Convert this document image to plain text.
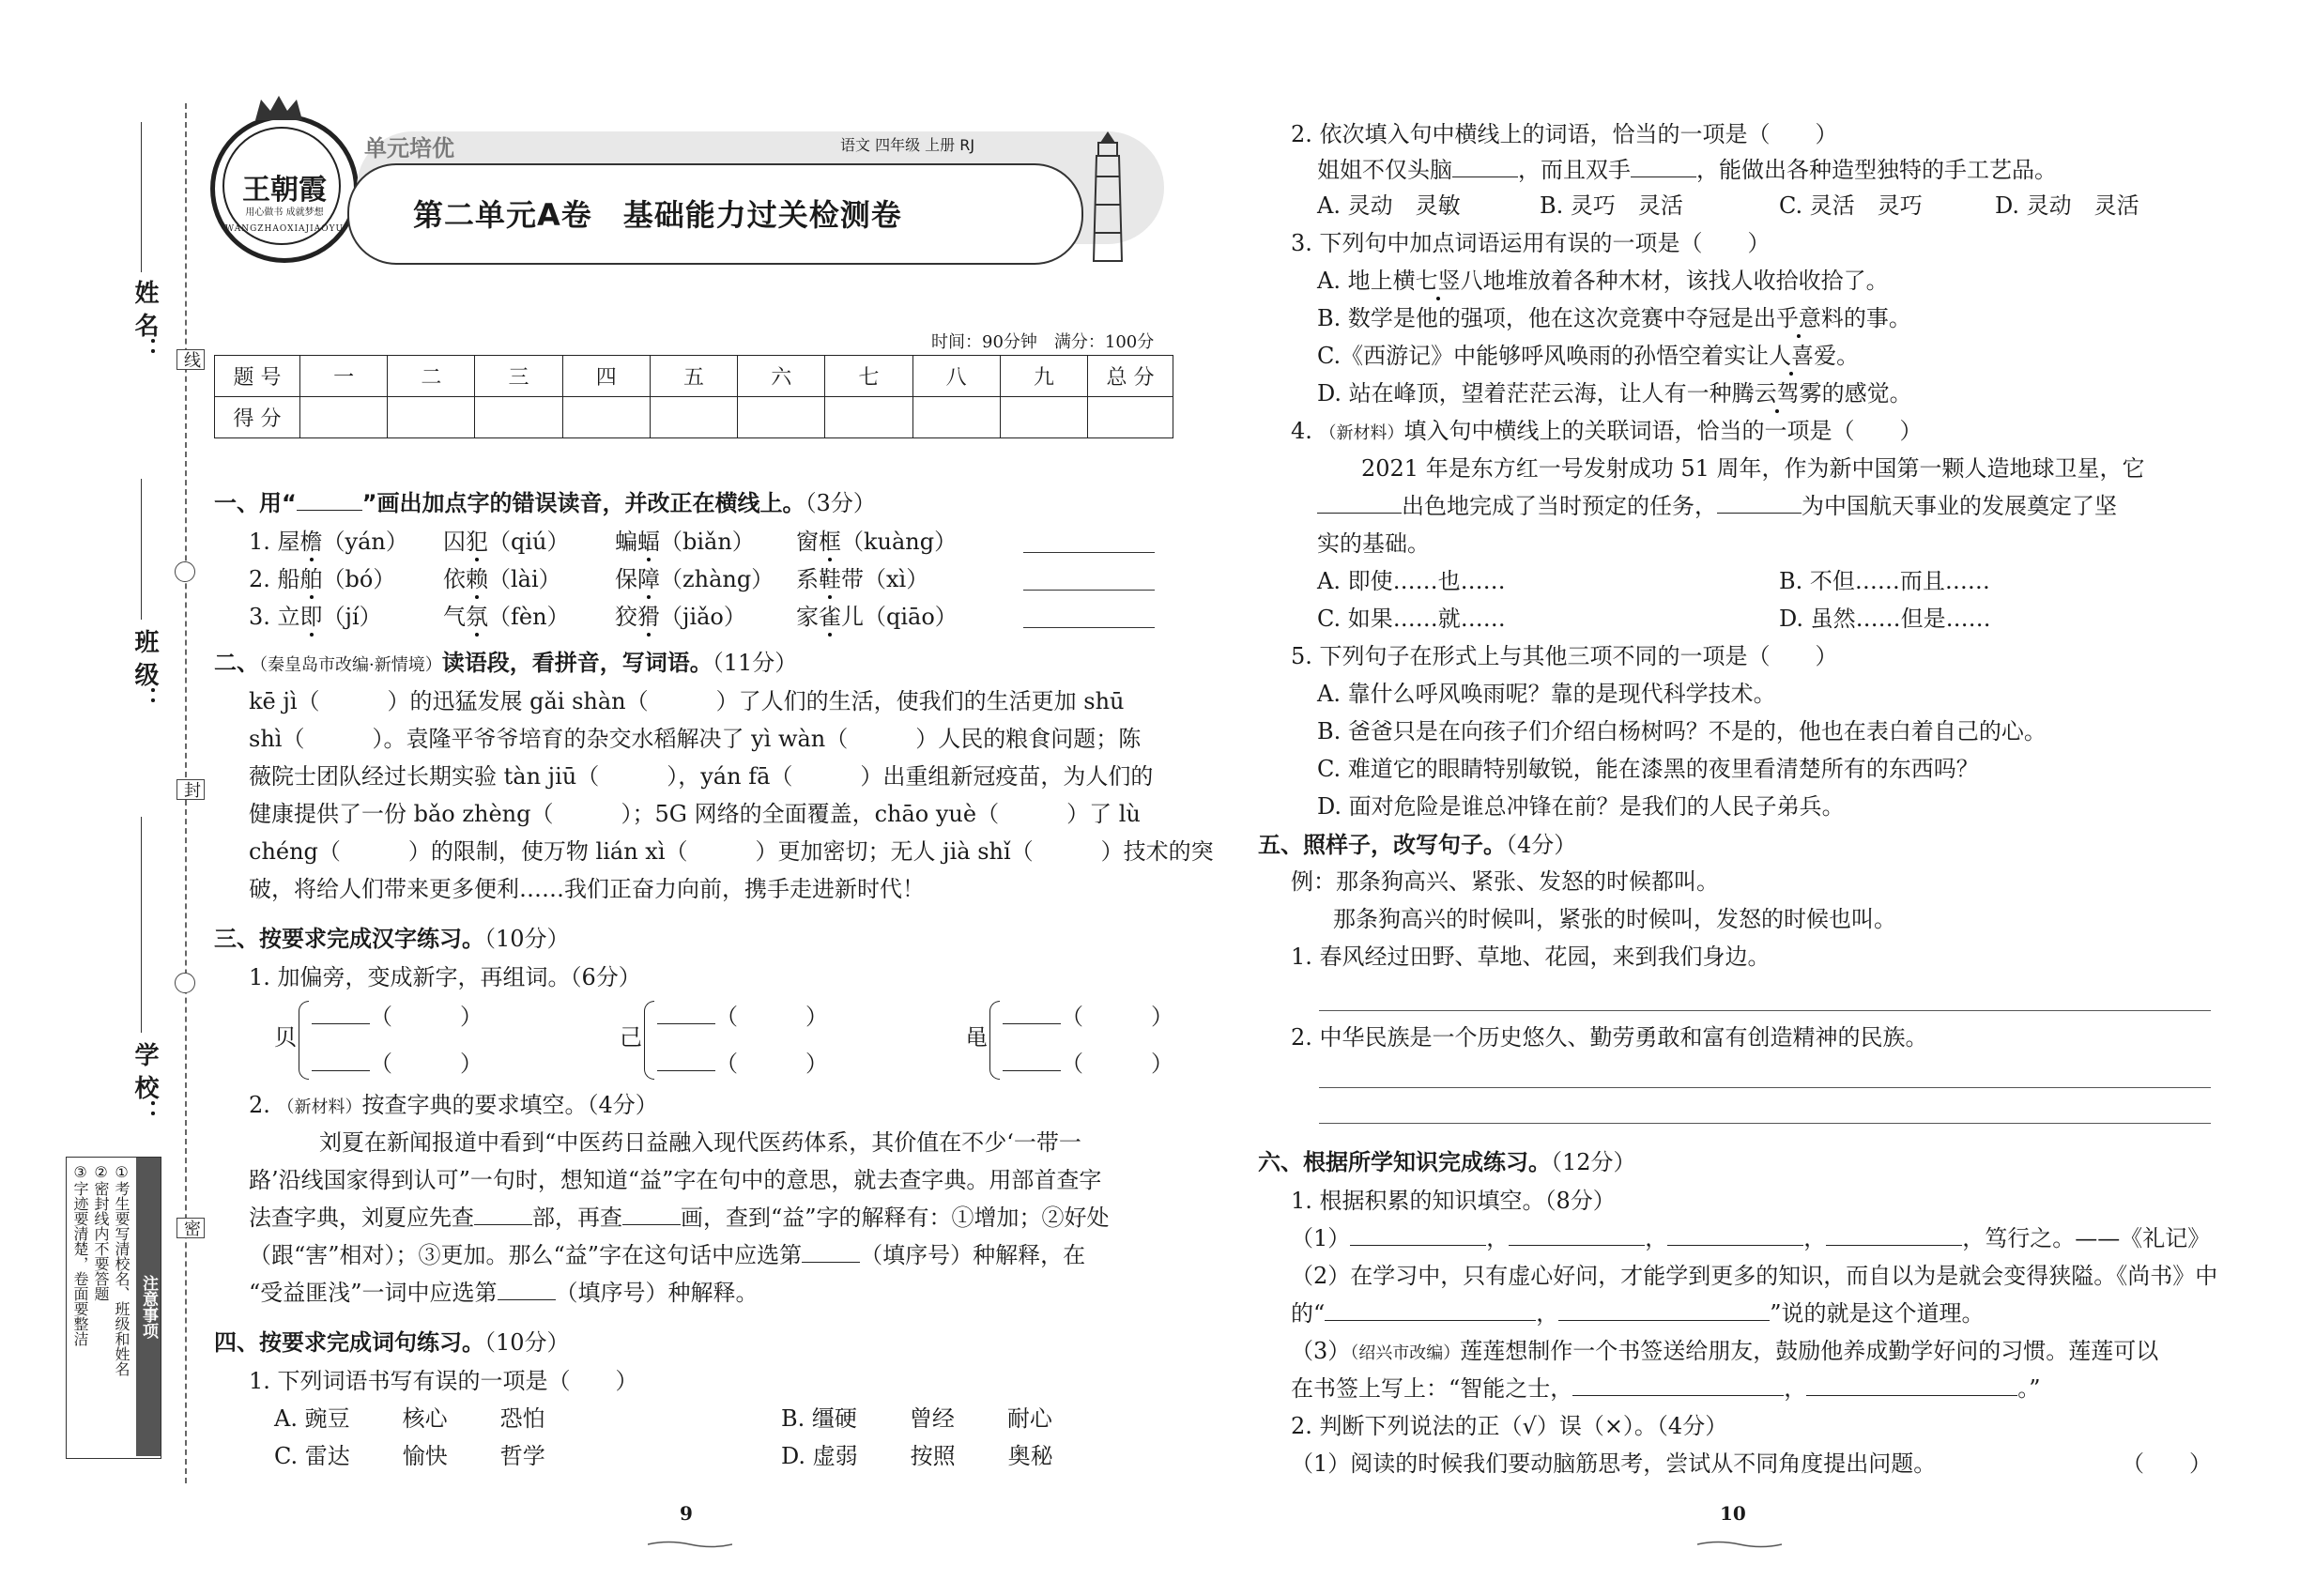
姓 名：
班 级：
学 校：
线
封
密
注意事项
①考生要写清校名、班级和姓名
②密封线内不要答题
③字迹要清楚，卷面要整洁
王朝霞
用心做书 成就梦想
WANGZHAOXIAJIAOYU
单元培优	语文 四年级 上册 RJ
第二单元A卷　基础能力过关检测卷
时间：90分钟　满分：100分
题 号	一	二	三	四	五	六	七	八	九	总 分
得 分										
一、用“	”画出加点字的错误读音，并改正在横线上。（3分）
1. 屋檐（yán） 囚犯（qiú） 蝙蝠（biǎn） 窗框（kuàng）
2. 船舶（bó） 依赖（lài） 保障（zhàng） 系鞋带（xì）
3. 立即（jí）	气氛（fèn） 狡猾（jiǎo） 家雀儿（qiāo）
二、（秦皇岛市改编·新情境）读语段，看拼音，写词语。（11分）
kē jì（　　　）的迅猛发展 gǎi shàn（　　　）了人们的生活，使我们的生活更加 shū
shì（　　　）。袁隆平爷爷培育的杂交水稻解决了 yì wàn（　　　）人民的粮食问题；陈
薇院士团队经过长期实验 tàn jiū（　　　），yán fā（　　　）出重组新冠疫苗，为人们的
健康提供了一份 bǎo zhèng（　　　）；5G 网络的全面覆盖，chāo yuè（　　　）了 lù
chéng（　　　）的限制，使万物 lián xì（　　　）更加密切；无人 jià shǐ（　　　）技术的突
破，将给人们带来更多便利……我们正奋力向前，携手走进新时代！
三、按要求完成汉字练习。（10分）
1. 加偏旁，变成新字，再组词。（6分）
贝
（　　　）
（　　　）
己
（　　　）
（　　　）
黾
（　　　）
（　　　）
2. （新材料）按查字典的要求填空。（4分）
刘夏在新闻报道中看到“中医药日益融入现代医药体系，其价值在不少‘一带一
路’沿线国家得到认可”一句时，想知道“益”字在句中的意思，就去查字典。用部首查字
法查字典，刘夏应先查	部，再查	画，查到“益”字的解释有：①增加；②好处
（跟“害”相对）；③更加。那么“益”字在这句话中应选第	（填序号）种解释，在
“受益匪浅”一词中应选第	（填序号）种解释。
四、按要求完成词句练习。（10分）
1. 下列词语书写有误的一项是（　　）
A. 豌豆 核心 恐怕	B. 缰硬 曾经 耐心
C. 雷达 愉快 哲学	D. 虚弱 按照 奥秘
9
2. 依次填入句中横线上的词语，恰当的一项是（　　）
姐姐不仅头脑	，而且双手	，能做出各种造型独特的手工艺品。
A. 灵动　灵敏	B. 灵巧　灵活	C. 灵活　灵巧	D. 灵动　灵活
3. 下列句中加点词语运用有误的一项是（　　）
A. 地上横七竖八地堆放着各种木材，该找人收拾收拾了。
B. 数学是他的强项，他在这次竞赛中夺冠是出乎意料的事。
C.《西游记》中能够呼风唤雨的孙悟空着实让人喜爱。
D. 站在峰顶，望着茫茫云海，让人有一种腾云驾雾的感觉。
4. （新材料）填入句中横线上的关联词语，恰当的一项是（　　）
2021 年是东方红一号发射成功 51 周年，作为新中国第一颗人造地球卫星，它
出色地完成了当时预定的任务，	为中国航天事业的发展奠定了坚
实的基础。
A. 即使……也……	B. 不但……而且……
C. 如果……就……	D. 虽然……但是……
5. 下列句子在形式上与其他三项不同的一项是（　　）
A. 靠什么呼风唤雨呢？靠的是现代科学技术。
B. 爸爸只是在向孩子们介绍白杨树吗？不是的，他也在表白着自己的心。
C. 难道它的眼睛特别敏锐，能在漆黑的夜里看清楚所有的东西吗？
D. 面对危险是谁总冲锋在前？是我们的人民子弟兵。
五、照样子，改写句子。（4分）
例：那条狗高兴、紧张、发怒的时候都叫。
那条狗高兴的时候叫，紧张的时候叫，发怒的时候也叫。
1. 春风经过田野、草地、花园，来到我们身边。
2. 中华民族是一个历史悠久、勤劳勇敢和富有创造精神的民族。
六、根据所学知识完成练习。（12分）
1. 根据积累的知识填空。（8分）
（1）	，	，	，	，笃行之。——《礼记》
（2）在学习中，只有虚心好问，才能学到更多的知识，而自以为是就会变得狭隘。《尚书》中
的“	，	”说的就是这个道理。
（3）（绍兴市改编）莲莲想制作一个书签送给朋友，鼓励他养成勤学好问的习惯。莲莲可以
在书签上写上：“智能之士，	，	。”
2. 判断下列说法的正（√）误（×）。（4分）
（1）阅读的时候我们要动脑筋思考，尝试从不同角度提出问题。	（　　）
10
